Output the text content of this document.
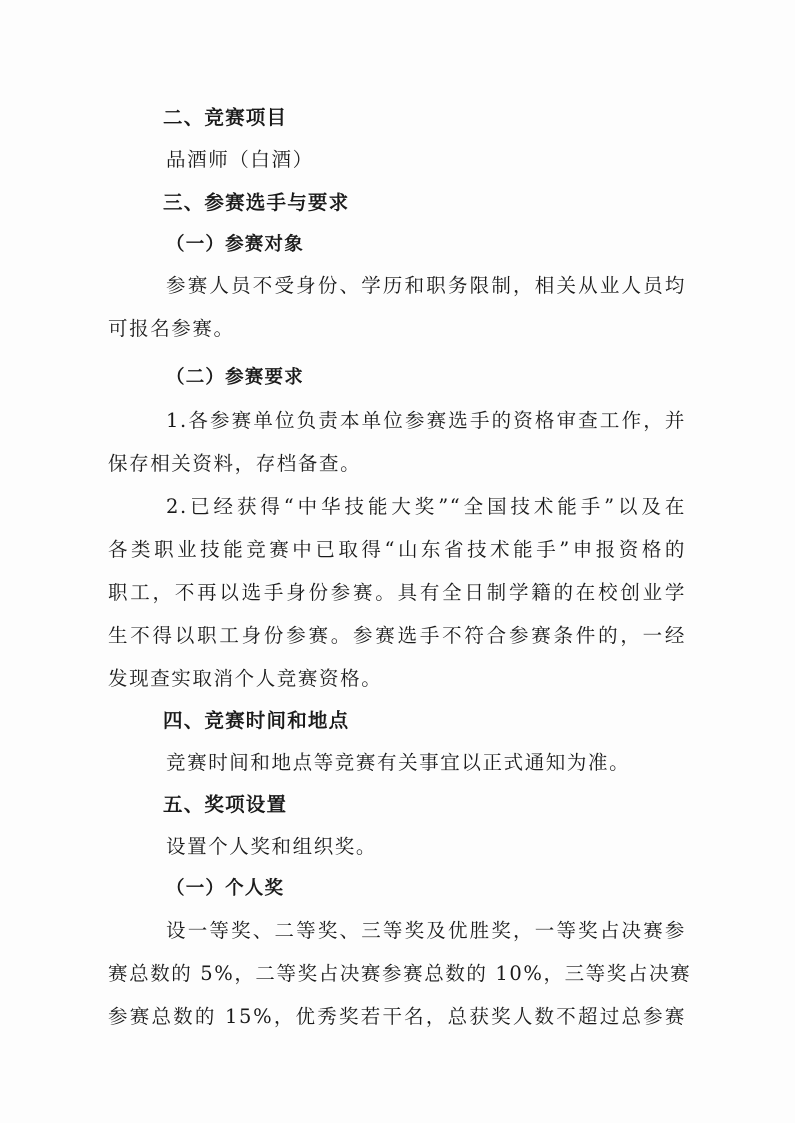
二、竞赛项目
品酒师（白酒）
三、参赛选手与要求
（一）参赛对象
参赛人员不受身份、学历和职务限制，相关从业人员均
可报名参赛。
（二）参赛要求
1.各参赛单位负责本单位参赛选手的资格审查工作，并
保存相关资料，存档备查。
2.已经获得“中华技能大奖”“全国技术能手”以及在
各类职业技能竞赛中已取得“山东省技术能手”申报资格的
职工，不再以选手身份参赛。具有全日制学籍的在校创业学
生不得以职工身份参赛。参赛选手不符合参赛条件的，一经
发现查实取消个人竞赛资格。
四、竞赛时间和地点
竞赛时间和地点等竞赛有关事宜以正式通知为准。
五、奖项设置
设置个人奖和组织奖。
（一）个人奖
设一等奖、二等奖、三等奖及优胜奖，一等奖占决赛参
赛总数的 5%，二等奖占决赛参赛总数的 10%，三等奖占决赛
参赛总数的 15%，优秀奖若干名，总获奖人数不超过总参赛
